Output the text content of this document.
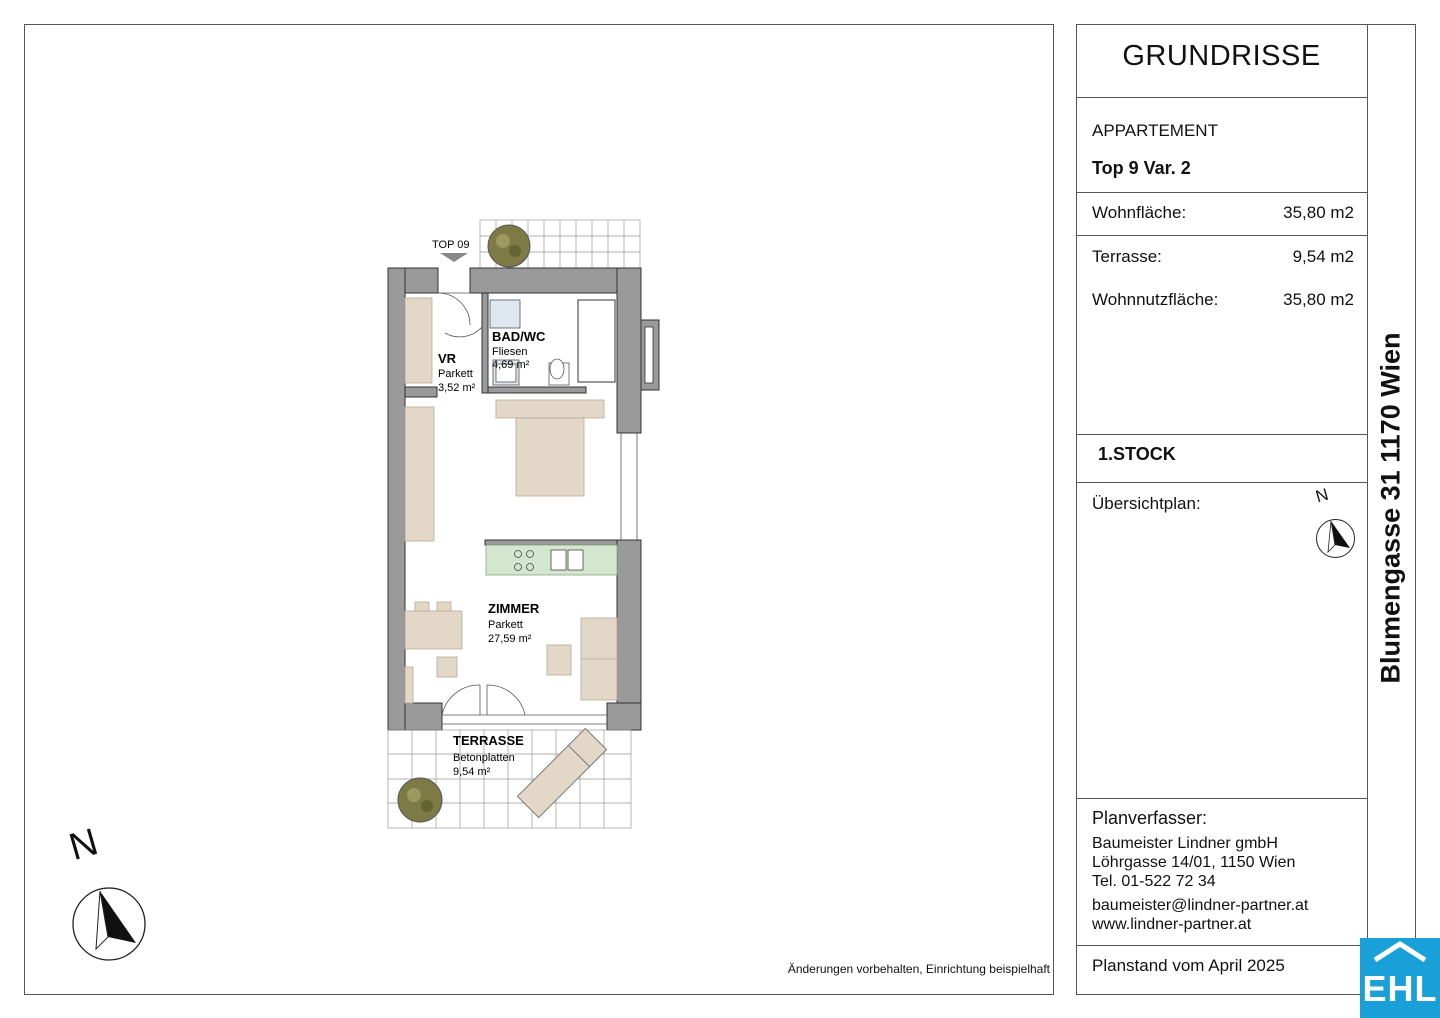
TOP 09
BAD/WC
Fliesen
4,69 m²
VR
Parkett
3,52 m²
ZIMMER
Parkett
27,59 m²
TERRASSE
Betonplatten
9,54 m²
N
Änderungen vorbehalten, Einrichtung beispielhaft
GRUNDRISSE
APPARTEMENT
Top 9 Var. 2
Wohnfläche:	35,80 m2
Terrasse:	9,54 m2
Wohnnutzfläche:	35,80 m2
1.STOCK
Übersichtplan:	N
Planverfasser:
Baumeister Lindner gmbH
Löhrgasse 14/01, 1150 Wien
Tel. 01-522 72 34
baumeister@lindner-partner.at
www.lindner-partner.at
Planstand vom April 2025
Blumengasse 31 1170 Wien
EHL
